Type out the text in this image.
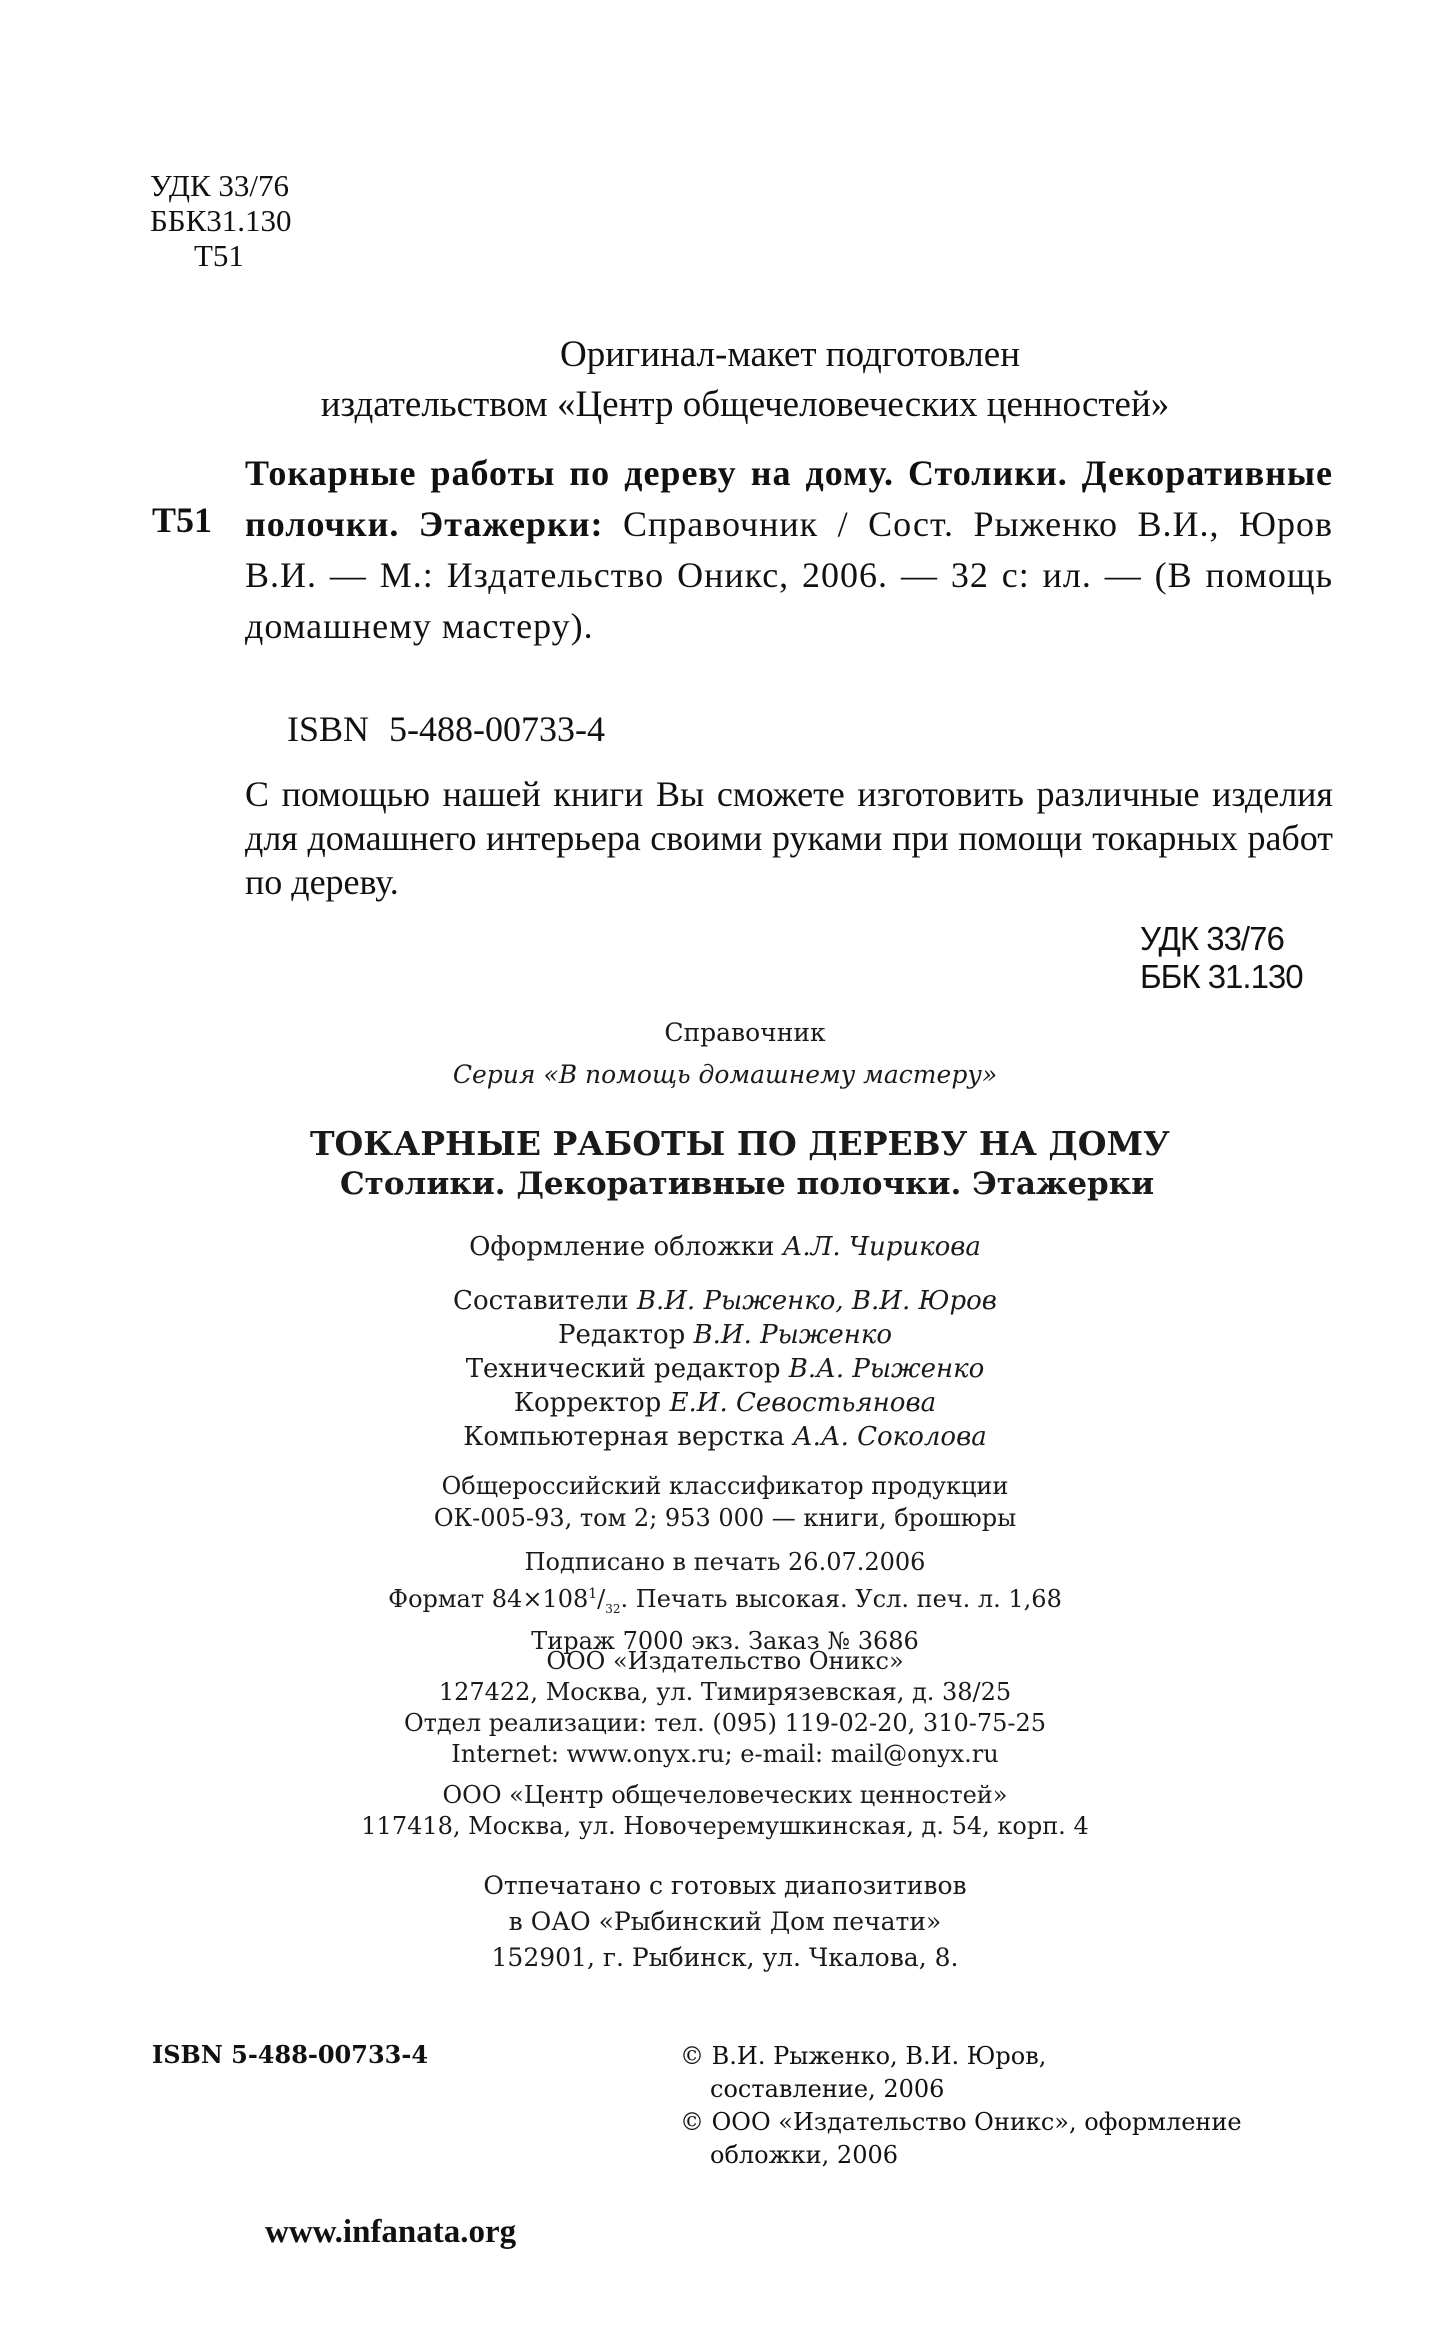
УДК 33/76
ББК31.130
Т51
Оригинал-макет подготовлен
издательством «Центр общечеловеческих ценностей»
Т51

Токарные работы по дереву на дому. Столики. Декоративные полочки. Этажерки: Справочник / Сост. Рыженко В.И., Юров В.И. — М.: Издательство Оникс, 2006. — 32 с: ил. — (В помощь домашнему мастеру).

ISBN 5-488-00733-4

С помощью нашей книги Вы сможете изготовить различные изделия для домашнего интерьера своими руками при помощи токарных работ по дереву.

УДК 33/76
ББК 31.130
Справочник
Серия «В помощь домашнему мастеру»
ТОКАРНЫЕ РАБОТЫ ПО ДЕРЕВУ НА ДОМУ
Столики. Декоративные полочки. Этажерки
Оформление обложки А.Л. Чирикова
Составители В.И. Рыженко, В.И. Юров
Редактор В.И. Рыженко
Технический редактор В.А. Рыженко
Корректор Е.И. Севостьянова
Компьютерная верстка А.А. Соколова
Общероссийский классификатор продукции
ОК-005-93, том 2; 953 000 — книги, брошюры
Подписано в печать 26.07.2006
Формат $84\times 108^1/_{32}$. Печать высокая. Усл. печ. л. 1,68
Тираж 7000 экз. Заказ № 3686
ООО «Издательство Оникс»
127422, Москва, ул. Тимирязевская, д. 38/25
Отдел реализации: тел. (095) 119-02-20, 310-75-25
Internet: www.onyx.ru; e-mail: mail@onyx.ru
ООО «Центр общечеловеческих ценностей»
117418, Москва, ул. Новочеремушкинская, д. 54, корп. 4
Отпечатано с готовых диапозитивов
в ОАО «Рыбинский Дом печати»
152901, г. Рыбинск, ул. Чкалова, 8.
ISBN 5-488-00733-4	© В.И. Рыженко, В.И. Юров,
составление, 2006
© ООО «Издательство Оникс», оформление
обложки, 2006
www.infanata.org
